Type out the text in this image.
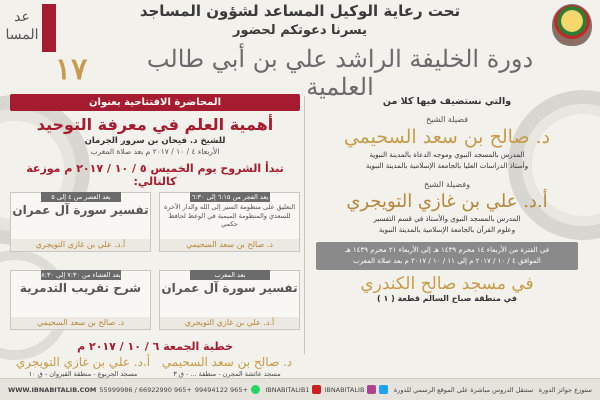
تحت رعاية الوكيل المساعد لشؤون المساجد
يسرنا دعوتكم لحضور
دورة الخليفة الراشد علي بن أبي طالب العلمية
١٧
عد المسا
والتي نستضيف فيها كلا من
فضيلة الشيخ
د. صالح بن سعد السحيمي
المدرس بالمسجد النبوي وموجه الدعاة بالمدينة النبوية
وأستاذ الدراسات العليا بالجامعة الإسلامية بالمدينة النبوية
وفضيلة الشيخ
أ.د. علي بن غازي التويجري
المدرس بالمسجد النبوي والأستاذ في قسم التفسير
وعلوم القرآن بالجامعة الإسلامية بالمدينة النبوية
في الفترة من الأربعاء ١٤ محرم ١٤٣٩ هـ إلى الأربعاء ٢١ محرم ١٤٣٩ هـ
الموافق ٤ / ١٠ / ٢٠١٧ م إلى ١١ / ١٠ / ٢٠١٧ م بعد صلاة المغرب
في مسجد صالح الكندري
في منطقة صباح السالم قطعة ( ١ )
المحاضرة الافتتاحية بعنوان
أهمية العلم في معرفة التوحيد
للشيخ د. فيحان بن سرور الجرمان
الأربعاء ٤ / ١٠ / ٢٠١٧ م بعد صلاة المغرب
تبدأ الشروح يوم الخميس ٥ / ١٠ / ٢٠١٧ م موزعة كالتالي:
بعد الفجر من ٦:١٥ إلى ٦:٣٠
التعليق على منظومة السير إلى الله والدار الآخرة للسعدي والمنظومة الميمية في الوعظ لحافظ حكمي
د. صالح بن سعد السحيمي
بعد العصر من ٤ إلى ٥
تفسير سورة آل عمران
أ.د. علي بن غازي التويجري
بعد المغرب
تفسير سورة آل عمران
أ.د. علي بن غازي التويجري
بعد العشاء من ٧:٣٠ إلى ٨:٣٠
شرح تقريب التدمرية
د. صالح بن سعد السحيمي
خطبة الجمعة ٦ / ١٠ / ٢٠١٧ م
د. صالح بن سعد السحيمي
مسجد عائشة المجرن - منطقة ... - ق ٣
أ.د. علي بن غازي التويجري
مسجد الجربوع - منطقة القيروان - ق ١٠
ستوزع جوائز الدورة
ستنقل الدروس مباشرة على الموقع الرسمي للدورة
IBNABITALIB
IBNABITALIB1
+965 99494122
+965 66922990 / 55999986
WWW.IBNABITALIB.COM
